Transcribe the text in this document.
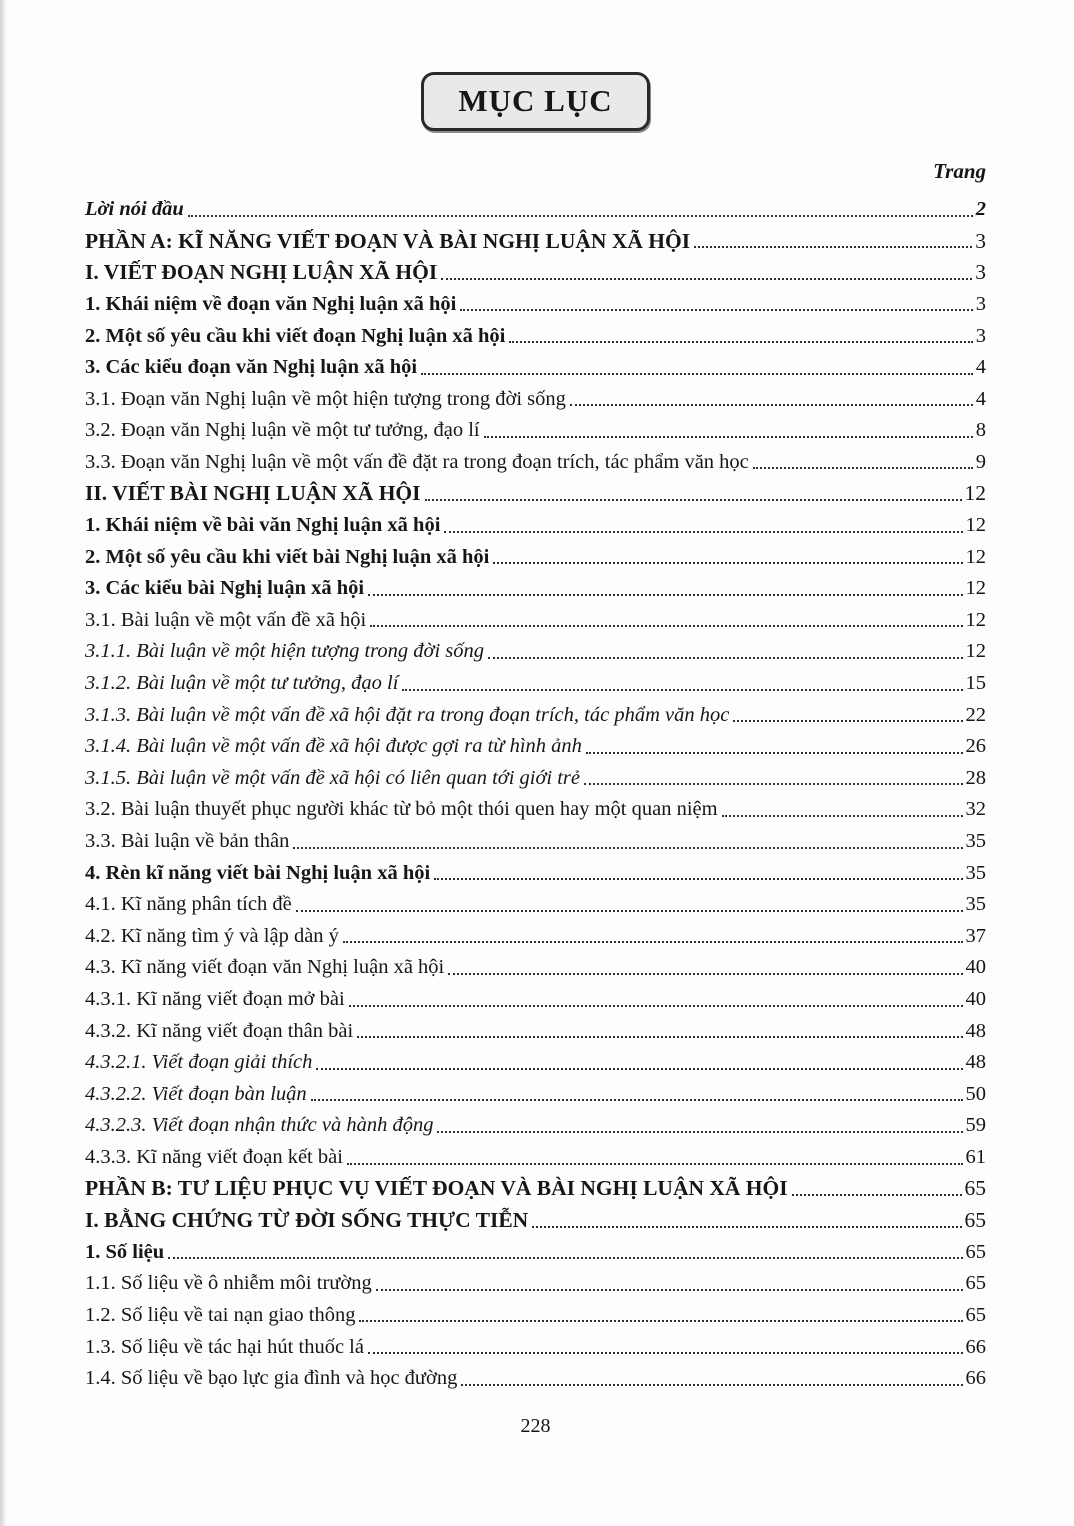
MỤC LỤC
Trang
Lời nói đầu	2
PHẦN A: KĨ NĂNG VIẾT ĐOẠN VÀ BÀI NGHỊ LUẬN XÃ HỘI	3
I. VIẾT ĐOẠN NGHỊ LUẬN XÃ HỘI	3
1. Khái niệm về đoạn văn Nghị luận xã hội	3
2. Một số yêu cầu khi viết đoạn Nghị luận xã hội	3
3. Các kiểu đoạn văn Nghị luận xã hội	4
3.1. Đoạn văn Nghị luận về một hiện tượng trong đời sống	4
3.2. Đoạn văn Nghị luận về một tư tưởng, đạo lí	8
3.3. Đoạn văn Nghị luận về một vấn đề đặt ra trong đoạn trích, tác phẩm văn học	9
II. VIẾT BÀI NGHỊ LUẬN XÃ HỘI	12
1. Khái niệm về bài văn Nghị luận xã hội	12
2. Một số yêu cầu khi viết bài Nghị luận xã hội	12
3. Các kiểu bài Nghị luận xã hội	12
3.1. Bài luận về một vấn đề xã hội	12
3.1.1. Bài luận về một hiện tượng trong đời sống	12
3.1.2. Bài luận về một tư tưởng, đạo lí	15
3.1.3. Bài luận về một vấn đề xã hội đặt ra trong đoạn trích, tác phẩm văn học	22
3.1.4. Bài luận về một vấn đề xã hội được gợi ra từ hình ảnh	26
3.1.5. Bài luận về một vấn đề xã hội có liên quan tới giới trẻ	28
3.2. Bài luận thuyết phục người khác từ bỏ một thói quen hay một quan niệm	32
3.3. Bài luận về bản thân	35
4. Rèn kĩ năng viết bài Nghị luận xã hội	35
4.1. Kĩ năng phân tích đề	35
4.2. Kĩ năng tìm ý và lập dàn ý	37
4.3. Kĩ năng viết đoạn văn Nghị luận xã hội	40
4.3.1. Kĩ năng viết đoạn mở bài	40
4.3.2. Kĩ năng viết đoạn thân bài	48
4.3.2.1. Viết đoạn giải thích	48
4.3.2.2. Viết đoạn bàn luận	50
4.3.2.3. Viết đoạn nhận thức và hành động	59
4.3.3. Kĩ năng viết đoạn kết bài	61
PHẦN B: TƯ LIỆU PHỤC VỤ VIẾT ĐOẠN VÀ BÀI NGHỊ LUẬN XÃ HỘI	65
I. BẰNG CHỨNG TỪ ĐỜI SỐNG THỰC TIỄN	65
1. Số liệu	65
1.1. Số liệu về ô nhiễm môi trường	65
1.2. Số liệu về tai nạn giao thông	65
1.3. Số liệu về tác hại hút thuốc lá	66
1.4. Số liệu về bạo lực gia đình và học đường	66
228
